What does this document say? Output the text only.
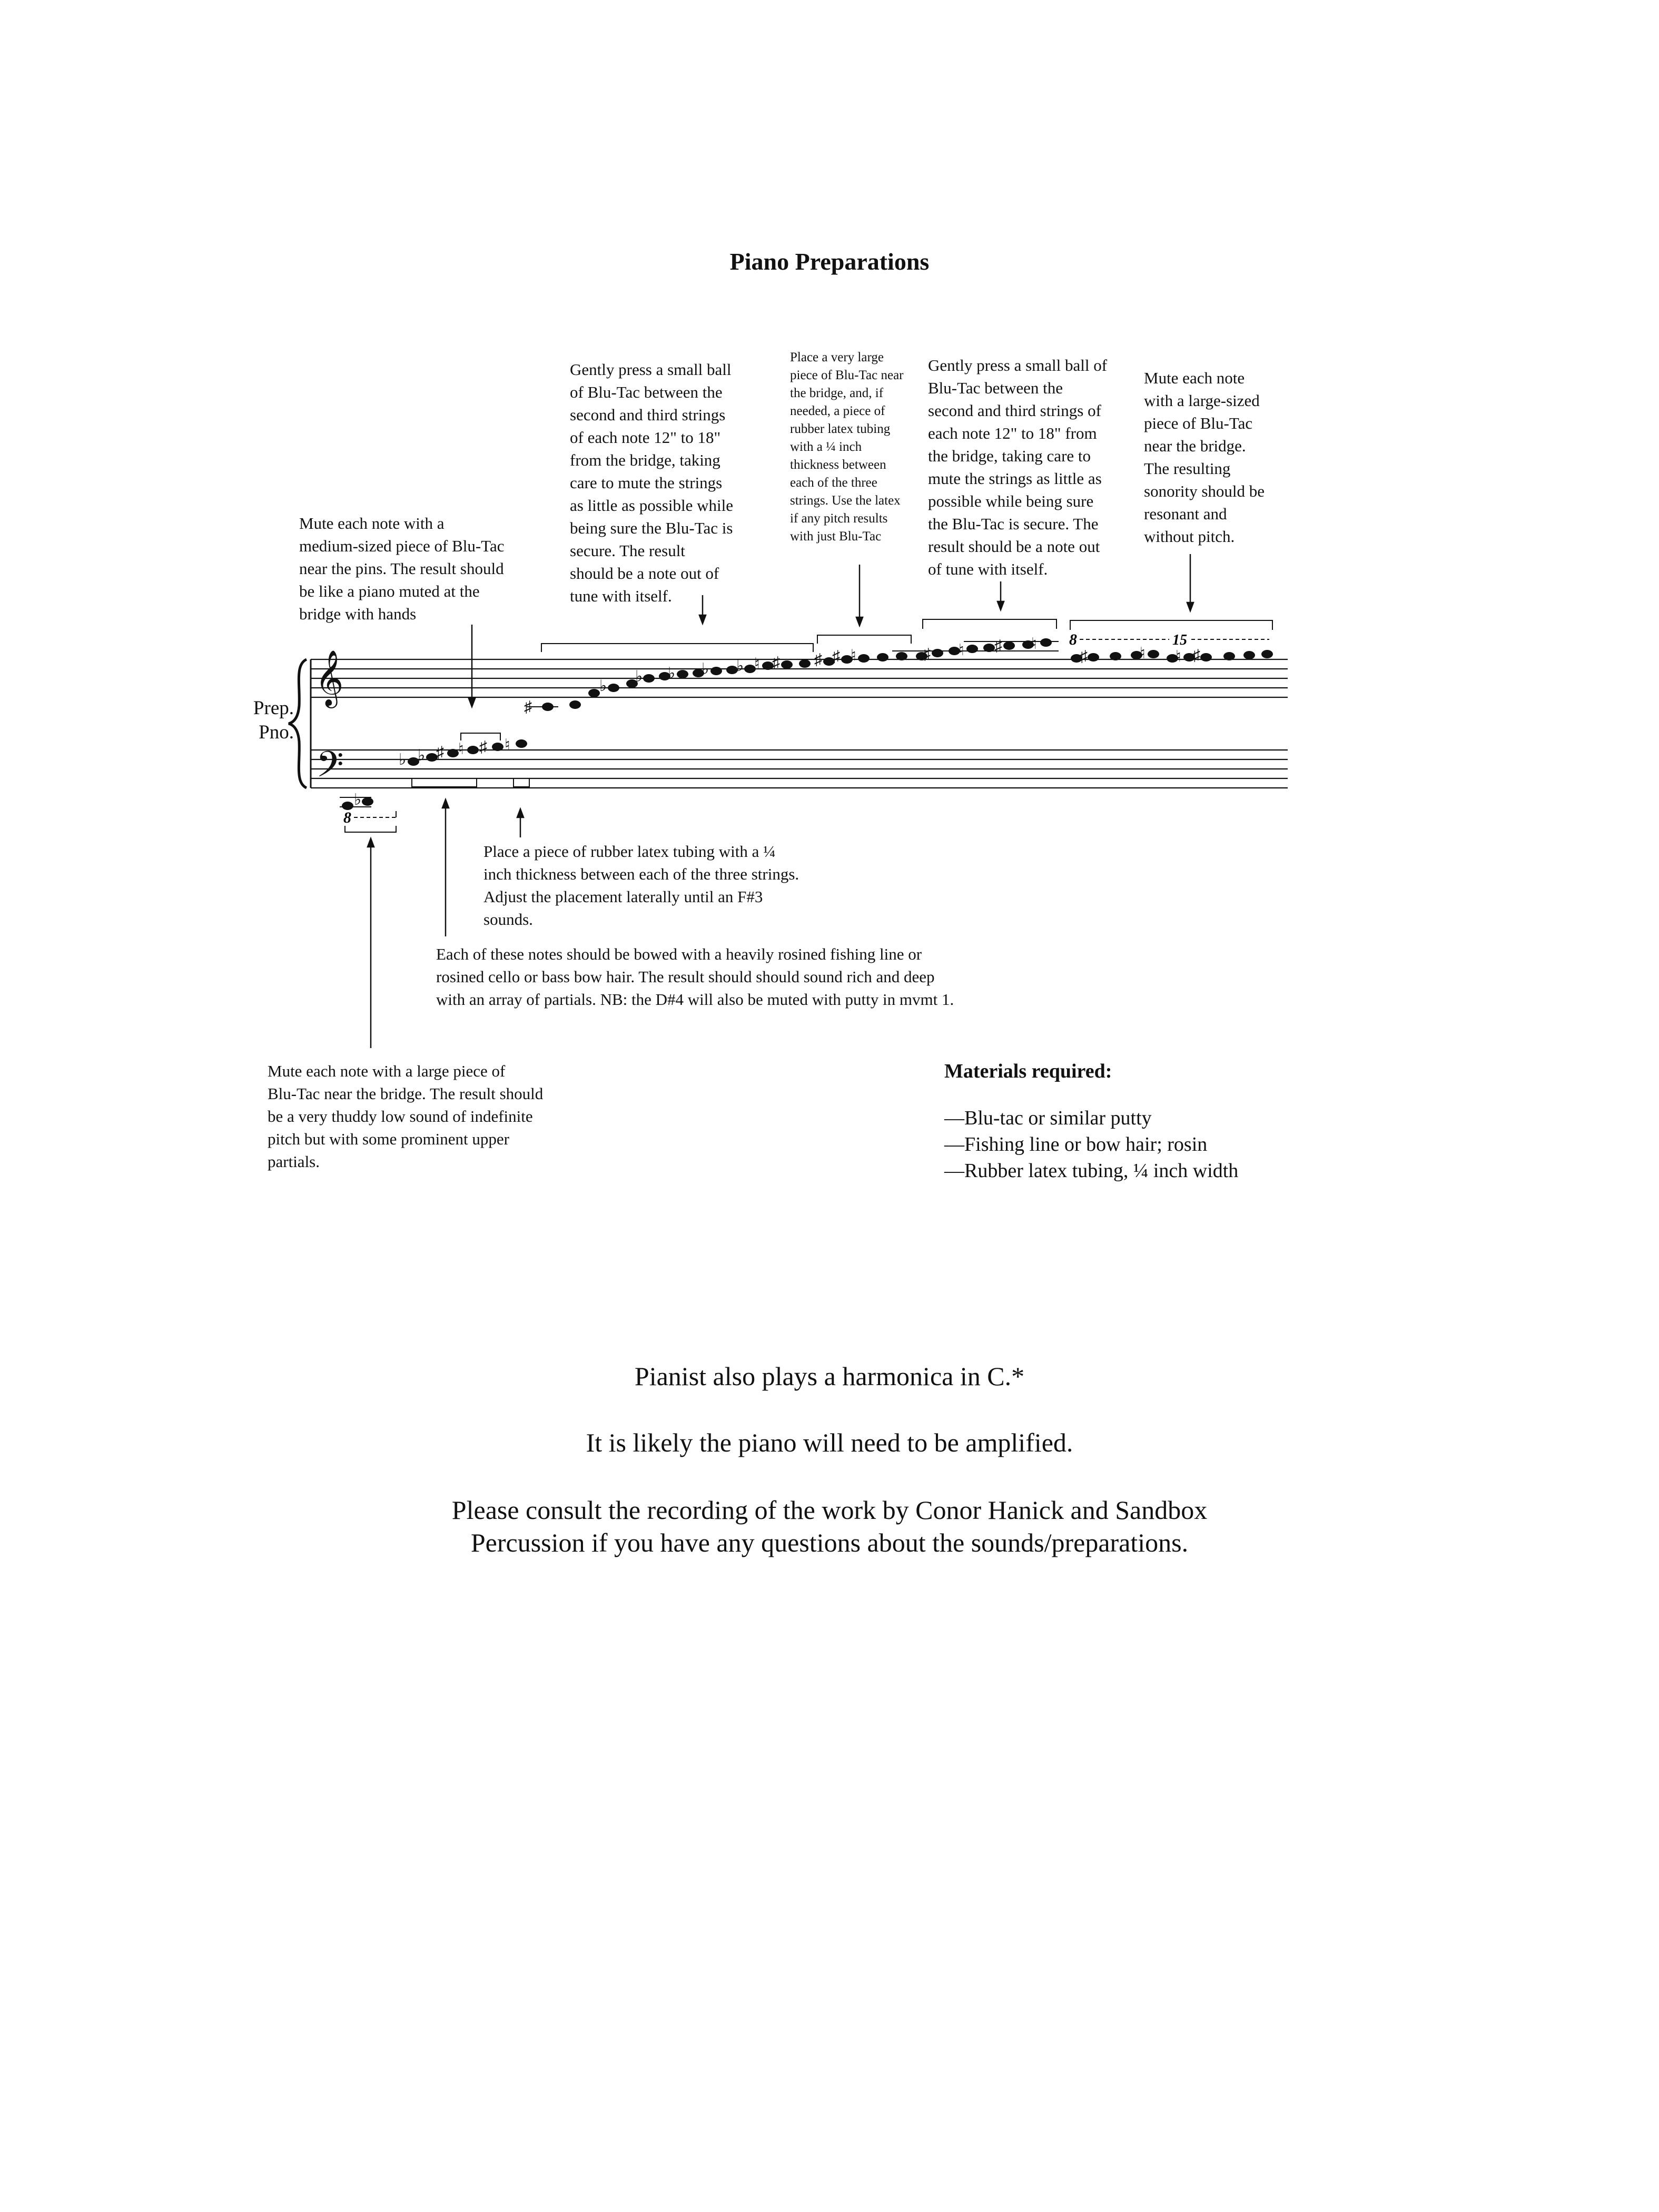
Piano Preparations
Mute each note with a
medium-sized piece of Blu-Tac
near the pins. The result should
be like a piano muted at the
bridge with hands
Gently press a small ball
of Blu-Tac between the
second and third strings
of each note 12" to 18"
from the bridge, taking
care to mute the strings
as little as possible while
being sure the Blu-Tac is
secure. The result
should be a note out of
tune with itself.
Place a very large
piece of Blu-Tac near
the bridge, and, if
needed, a piece of
rubber latex tubing
with a ¼ inch
thickness between
each of the three
strings. Use the latex
if any pitch results
with just Blu-Tac
Gently press a small ball of
Blu-Tac between the
second and third strings of
each note 12" to 18" from
the bridge, taking care to
mute the strings as little as
possible while being sure
the Blu-Tac is secure. The
result should be a note out
of tune with itself.
Mute each note
with a large-sized
piece of Blu-Tac
near the bridge.
The resulting
sonority should be
resonant and
without pitch.
Place a piece of rubber latex tubing with a ¼
inch thickness between each of the three strings.
Adjust the placement laterally until an F#3
sounds.
Each of these notes should be bowed with a heavily rosined fishing line or
rosined cello or bass bow hair. The result should should sound rich and deep
with an array of partials. NB: the D#4 will also be muted with putty in mvmt 1.
Mute each note with a large piece of
Blu-Tac near the bridge. The result should
be a very thuddy low sound of indefinite
pitch but with some prominent upper
partials.
Prep.
Pno.
𝄞
𝄢
♭
8
♭ ♭ ♯ ♮ ♯ ♮
♯
♭
♭ ♭ ♭ ♭ ♮ ♯ ♯ ♯ ♮	♯ ♮ ♯ ♮ 8	15
♯	♮ ♮ ♯
Materials required:
—Blu-tac or similar putty
—Fishing line or bow hair; rosin
—Rubber latex tubing, ¼ inch width
Pianist also plays a harmonica in C.*
It is likely the piano will need to be amplified.
Please consult the recording of the work by Conor Hanick and Sandbox
Percussion if you have any questions about the sounds/preparations.
